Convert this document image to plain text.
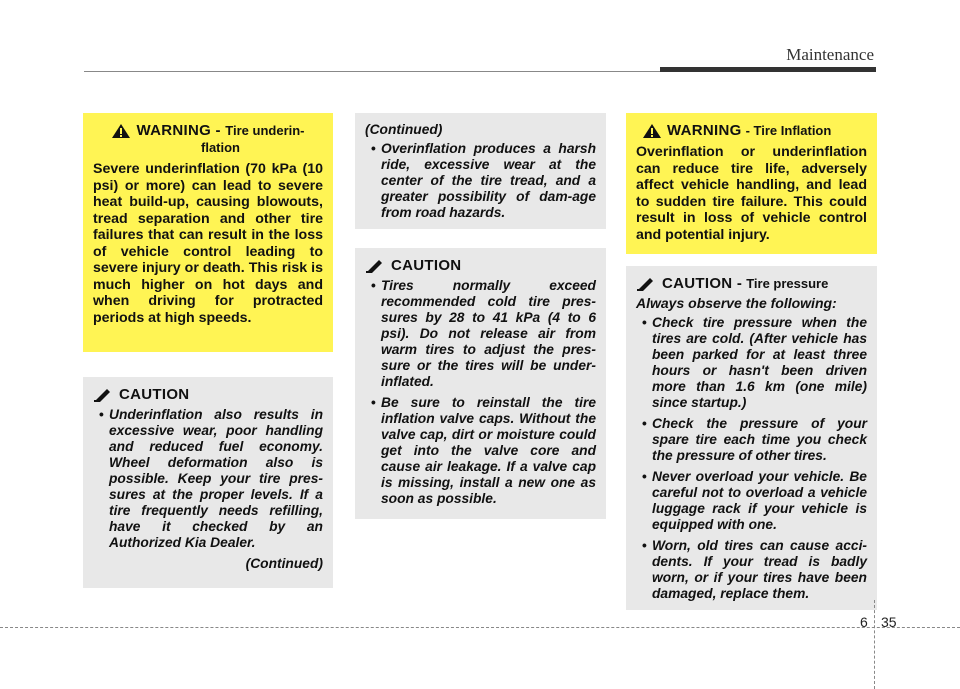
Maintenance
WARNING - Tire underin-
flation
Severe underinflation (70 kPa (10 psi) or more) can lead to severe heat build-up, causing blowouts, tread separation and other tire failures that can result in the loss of vehicle control leading to severe injury or death. This risk is much higher on hot days and when driving for protracted periods at high speeds.
CAUTION
• Underinflation also results in excessive wear, poor handling and reduced fuel economy. Wheel deformation also is possible. Keep your tire pres-sures at the proper levels. If a tire frequently needs refilling, have it checked by an Authorized Kia Dealer.
(Continued)
(Continued)
• Overinflation produces a harsh ride, excessive wear at the center of the tire tread, and a greater possibility of dam-age from road hazards.
CAUTION
• Tires normally exceed recommended cold tire pres-sures by 28 to 41 kPa (4 to 6 psi). Do not release air from warm tires to adjust the pres-sure or the tires will be under-inflated.
• Be sure to reinstall the tire inflation valve caps. Without the valve cap, dirt or moisture could get into the valve core and cause air leakage. If a valve cap is missing, install a new one as soon as possible.
WARNING - Tire Inflation
Overinflation or underinflation can reduce tire life, adversely affect vehicle handling, and lead to sudden tire failure. This could result in loss of vehicle control and potential injury.
CAUTION - Tire pressure
Always observe the following:
• Check tire pressure when the tires are cold. (After vehicle has been parked for at least three hours or hasn't been driven more than 1.6 km (one mile) since startup.)
• Check the pressure of your spare tire each time you check the pressure of other tires.
• Never overload your vehicle. Be careful not to overload a vehicle luggage rack if your vehicle is equipped with one.
• Worn, old tires can cause acci-dents. If your tread is badly worn, or if your tires have been damaged, replace them.
6 35
